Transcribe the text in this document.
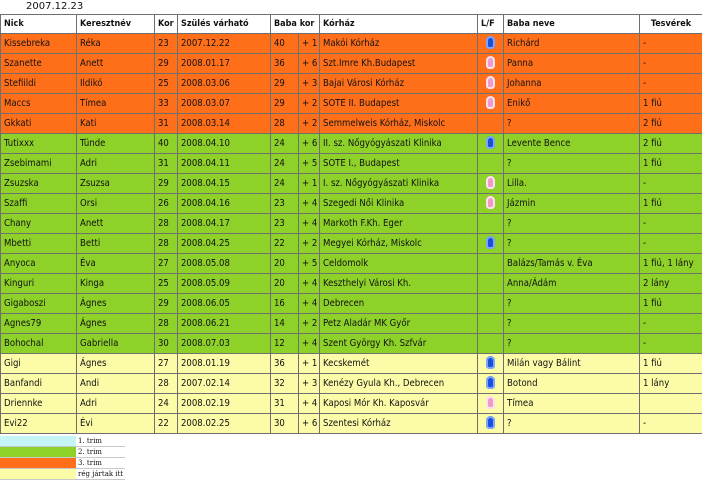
2007.12.23
Nick	Keresztnév	Kor	Szülés várható	Baba kor		Kórház	L/F	Baba neve	Tesvérek
Kissebreka	Réka	23	2007.12.22	40	+ 1	Makói Kórház		Richárd	-
Szanette	Anett	29	2008.01.17	36	+ 6	Szt.Imre Kh.Budapest		Panna	-
Stefiildi	Ildikó	25	2008.03.06	29	+ 3	Bajai Városi Kórház		Johanna	-
Maccs	Tímea	33	2008.03.07	29	+ 2	SOTE II. Budapest		Enikő	1 fiú
Gkkati	Kati	31	2008.03.14	28	+ 2	Semmelweis Kórház, Miskolc		?	2 fiú
Tutixxx	Tünde	40	2008.04.10	24	+ 6	II. sz. Nőgyógyászati Klinika		Levente Bence	2 fiú
Zsebimami	Adri	31	2008.04.11	24	+ 5	SOTE I., Budapest		?	1 fiú
Zsuzska	Zsuzsa	29	2008.04.15	24	+ 1	I. sz. Nőgyógyászati Klinika		Lilla.	-
Szaffi	Orsi	26	2008.04.16	23	+ 4	Szegedi Női Klinika		Jázmin	1 fiú
Chany	Anett	28	2008.04.17	23	+ 4	Markoth F.Kh. Eger		?	-
Mbetti	Betti	28	2008.04.25	22	+ 2	Megyei Kórház, Miskolc		?	-
Anyoca	Éva	27	2008.05.08	20	+ 5	Celdomolk		Balázs/Tamás v. Éva	1 fiú, 1 lány
Kinguri	Kinga	25	2008.05.09	20	+ 4	Keszthelyi Városi Kh.		Anna/Ádám	2 lány
Gigaboszi	Ágnes	29	2008.06.05	16	+ 4	Debrecen		?	1 fiú
Agnes79	Ágnes	28	2008.06.21	14	+ 2	Petz Aladár MK Győr		?	-
Bohochal	Gabriella	30	2008.07.03	12	+ 4	Szent György Kh. Szfvár		?	-
Gigi	Ágnes	27	2008.01.19	36	+ 1	Kecskemét		Milán vagy Bálint	1 fiú
Banfandi	Andi	28	2007.02.14	32	+ 3	Kenézy Gyula Kh., Debrecen		Botond	1 lány
Driennke	Adri	24	2008.02.19	31	+ 4	Kaposi Mór Kh. Kaposvár		Tímea	
Evi22	Évi	22	2008.02.25	30	+ 6	Szentesi Kórház		?	-
	1. trim
	2. trim
	3. trim
	rég jártak itt
